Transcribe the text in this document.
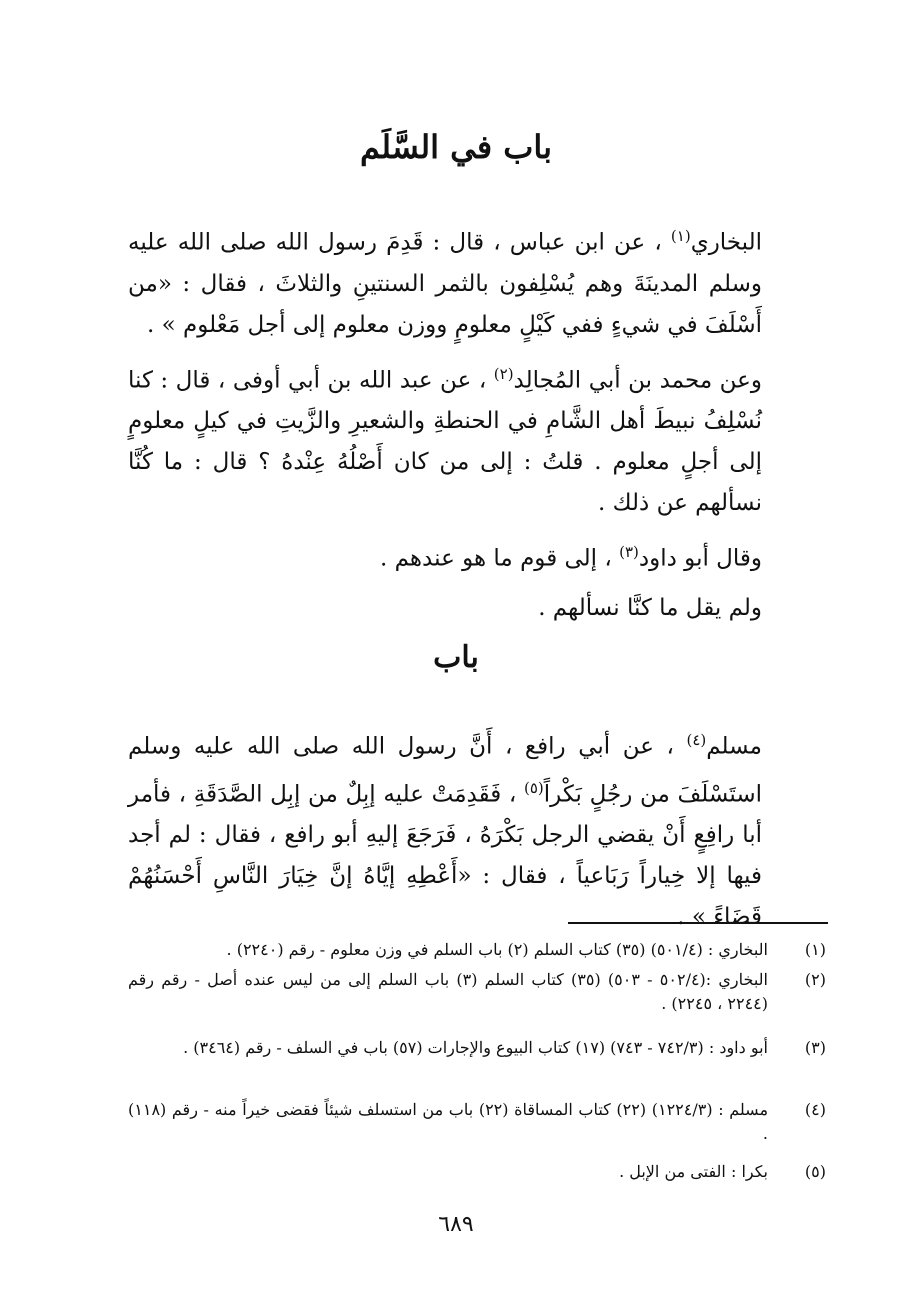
باب في السَّلَم

البخاري$^{(١)}$ ، عن ابن عباس ، قال : قَدِمَ رسول الله صلى الله عليه وسلم المدينَةَ وهم يُسْلِفون بالثمر السنتينِ والثلاثَ ، فقال : «من أَسْلَفَ في شيءٍ ففي كَيْلٍ معلومٍ ووزن معلوم إلى أجل مَعْلوم » .

وعن محمد بن أبي المُجالِد$^{(٢)}$ ، عن عبد الله بن أبي أوفى ، قال : كنا نُسْلِفُ نبيطَ أهل الشَّامِ في الحنطةِ والشعيرِ والزَّيتِ في كيلٍ معلومٍ إلى أجلٍ معلوم . قلتُ : إلى من كان أَصْلُهُ عِنْدهُ ؟ قال : ما كُنَّا نسألهم عن ذلك .

وقال أبو داود$^{(٣)}$ ، إلى قوم ما هو عندهم .

ولم يقل ما كنَّا نسألهم .

باب

مسلم$^{(٤)}$ ، عن أبي رافع ، أَنَّ رسول الله صلى الله عليه وسلم استَسْلَفَ من رجُلٍ بَكْراً$^{(٥)}$ ، فَقَدِمَتْ عليه إبِلٌ من إبِل الصَّدَقَةِ ، فأمر أبا رافِعٍ أَنْ يقضي الرجل بَكْرَهُ ، فَرَجَعَ إليهِ أبو رافع ، فقال : لم أجد فيها إلا خِياراً رَبَاعياً ، فقال : «أَعْطِهِ إيَّاهُ إنَّ خِيَارَ النَّاسِ أَحْسَنُهُمْ قَضَاءً » .

(١)
البخاري : (٥٠١/٤) (٣٥) كتاب السلم (٢) باب السلم في وزن معلوم - رقم (٢٢٤٠) .
(٢)
البخاري :(٥٠٢/٤ - ٥٠٣) (٣٥) كتاب السلم (٣) باب السلم إلى من ليس عنده أصل - رقم رقم (٢٢٤٤ ، ٢٢٤٥) .
(٣)
أبو داود : (٧٤٢/٣ - ٧٤٣) (١٧) كتاب البيوع والإجارات (٥٧) باب في السلف - رقم (٣٤٦٤) .
(٤)
مسلم : (١٢٢٤/٣) (٢٢) كتاب المساقاة (٢٢) باب من استسلف شيئاً فقضى خيراً منه - رقم (١١٨) .
(٥)
بكرا : الفتى من الإبل .
٦٨٩
